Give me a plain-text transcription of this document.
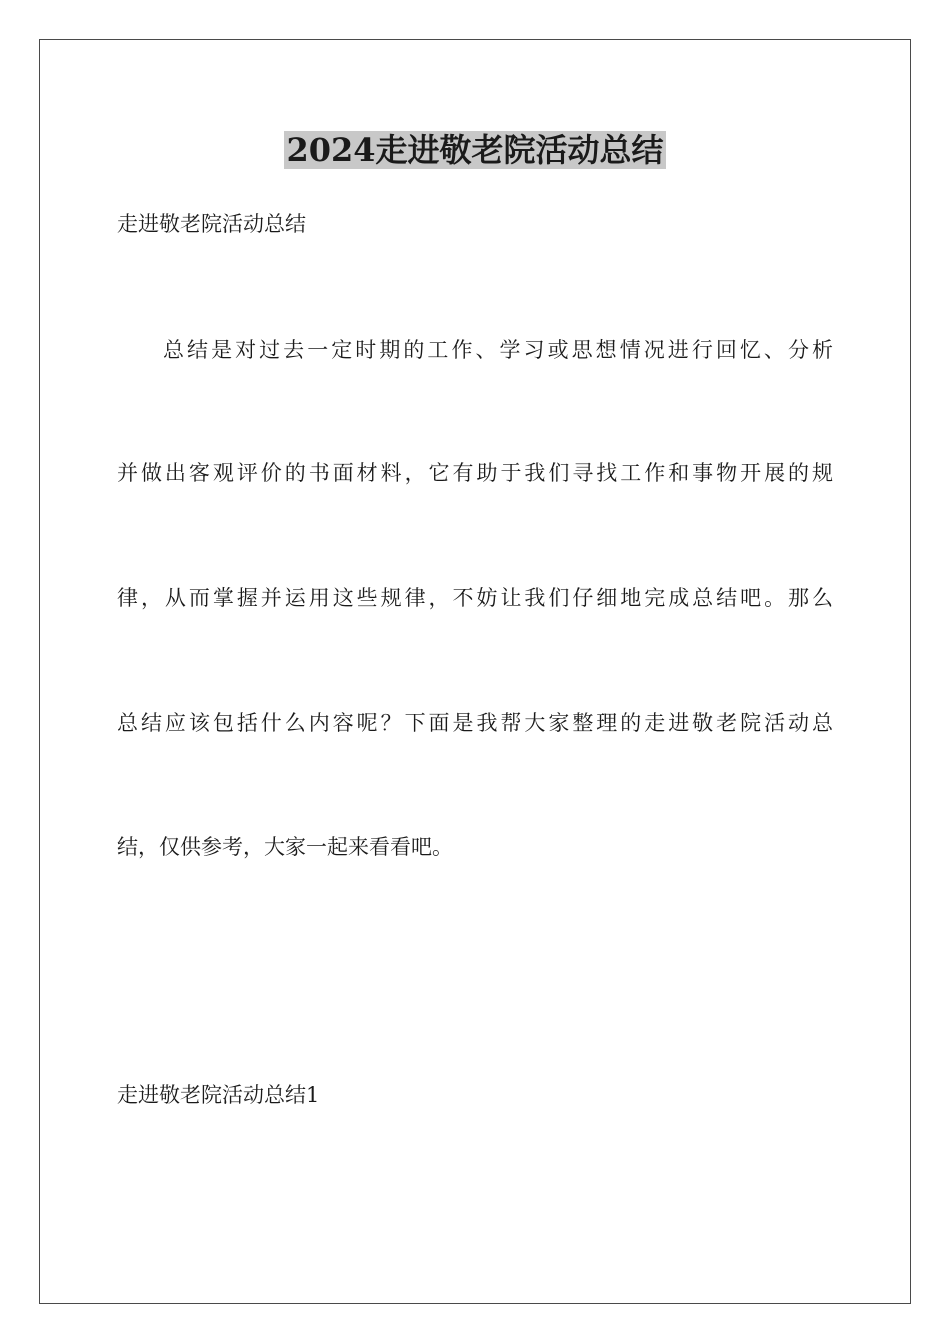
2024走进敬老院活动总结
走进敬老院活动总结
总结是对过去一定时期的工作、学习或思想情况进行回忆、分析
并做出客观评价的书面材料，它有助于我们寻找工作和事物开展的规
律，从而掌握并运用这些规律，不妨让我们仔细地完成总结吧。那么
总结应该包括什么内容呢？下面是我帮大家整理的走进敬老院活动总
结，仅供参考，大家一起来看看吧。
走进敬老院活动总结1
